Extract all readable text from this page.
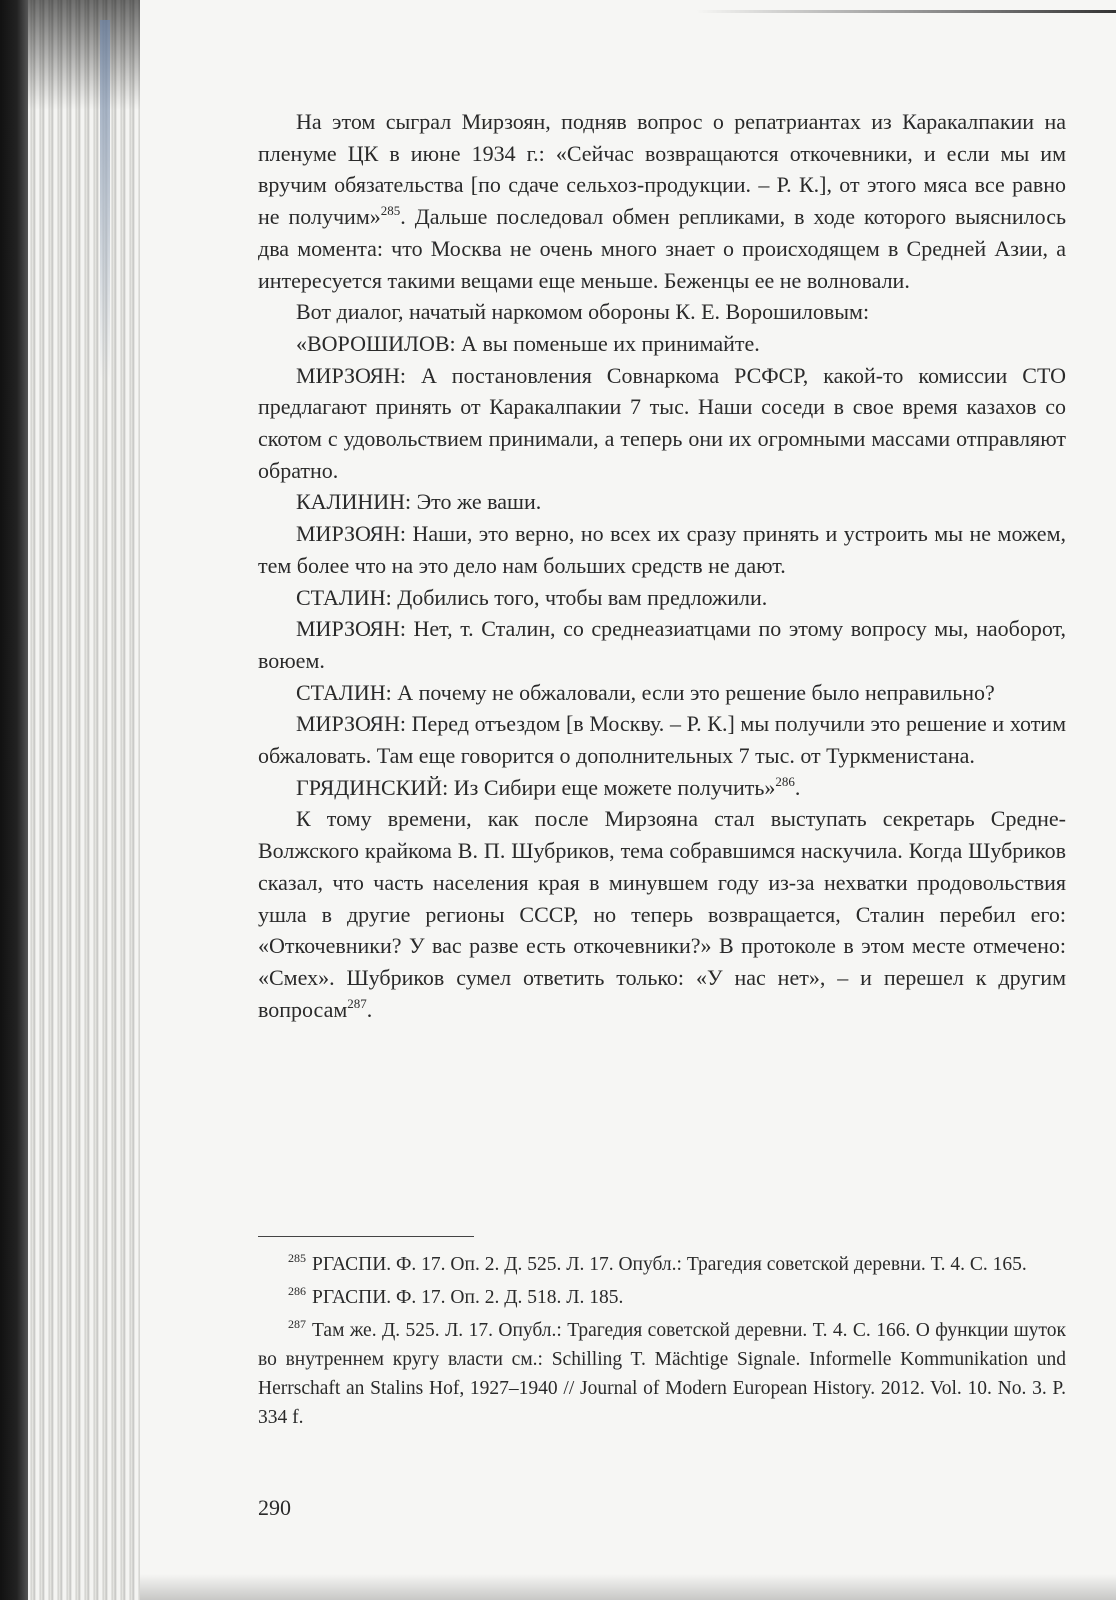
На этом сыграл Мирзоян, подняв вопрос о репатриантах из Каракалпакии на пленуме ЦК в июне 1934 г.: «Сейчас возвращаются откочевники, и если мы им вручим обязательства [по сдаче сельхоз-продукции. – Р. К.], от этого мяса все равно не получим»$^{285}$. Дальше последовал обмен репликами, в ходе которого выяснилось два момента: что Москва не очень много знает о происходящем в Средней Азии, а интересуется такими вещами еще меньше. Беженцы ее не волновали.

Вот диалог, начатый наркомом обороны К. Е. Ворошиловым:

«ВОРОШИЛОВ: А вы поменьше их принимайте.

МИРЗОЯН: А постановления Совнаркома РСФСР, какой-то комиссии СТО предлагают принять от Каракалпакии 7 тыс. Наши соседи в свое время казахов со скотом с удовольствием принимали, а теперь они их огромными массами отправляют обратно.

КАЛИНИН: Это же ваши.

МИРЗОЯН: Наши, это верно, но всех их сразу принять и устроить мы не можем, тем более что на это дело нам больших средств не дают.

СТАЛИН: Добились того, чтобы вам предложили.

МИРЗОЯН: Нет, т. Сталин, со среднеазиатцами по этому вопросу мы, наоборот, воюем.

СТАЛИН: А почему не обжаловали, если это решение было неправильно?

МИРЗОЯН: Перед отъездом [в Москву. – Р. К.] мы получили это решение и хотим обжаловать. Там еще говорится о дополнительных 7 тыс. от Туркменистана.

ГРЯДИНСКИЙ: Из Сибири еще можете получить»$^{286}$.

К тому времени, как после Мирзояна стал выступать секретарь Средне-Волжского крайкома В. П. Шубриков, тема собравшимся наскучила. Когда Шубриков сказал, что часть населения края в минувшем году из-за нехватки продовольствия ушла в другие регионы СССР, но теперь возвращается, Сталин перебил его: «Откочевники? У вас разве есть откочевники?» В протоколе в этом месте отмечено: «Смех». Шубриков сумел ответить только: «У нас нет», – и перешел к другим вопросам$^{287}$.

$^{285}$ РГАСПИ. Ф. 17. Оп. 2. Д. 525. Л. 17. Опубл.: Трагедия советской деревни. Т. 4. С. 165.

$^{286}$ РГАСПИ. Ф. 17. Оп. 2. Д. 518. Л. 185.

$^{287}$ Там же. Д. 525. Л. 17. Опубл.: Трагедия советской деревни. Т. 4. С. 166. О функции шуток во внутреннем кругу власти см.: Schilling T. Mächtige Signale. Informelle Kommunikation und Herrschaft an Stalins Hof, 1927–1940 // Journal of Modern European History. 2012. Vol. 10. No. 3. P. 334 f.

290
